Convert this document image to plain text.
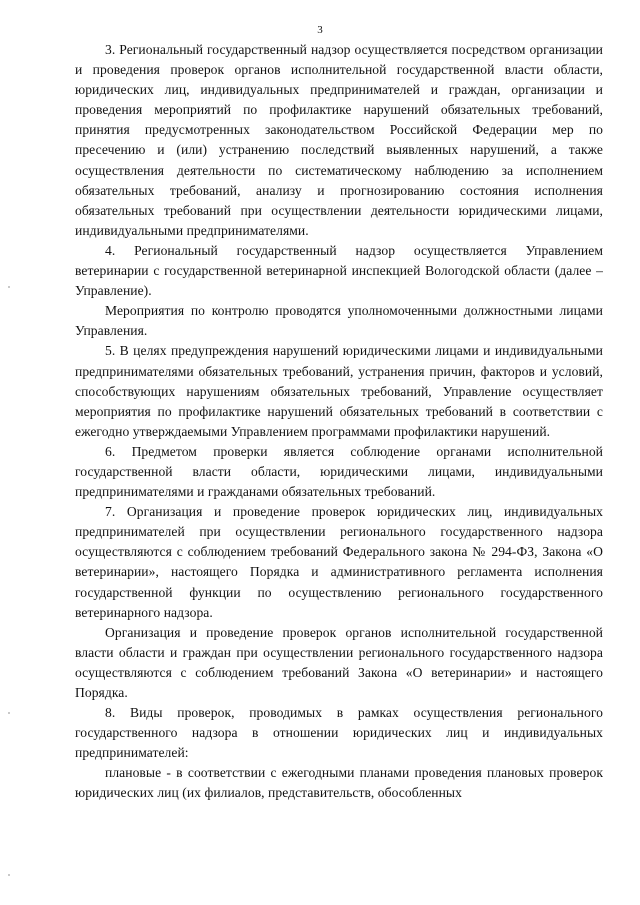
3

3. Региональный государственный надзор осуществляется посредством организации и проведения проверок органов исполнительной государственной власти области, юридических лиц, индивидуальных предпринимателей и граждан, организации и проведения мероприятий по профилактике нарушений обязательных требований, принятия предусмотренных законодательством Российской Федерации мер по пресечению и (или) устранению последствий выявленных нарушений, а также осуществления деятельности по систематическому наблюдению за исполнением обязательных требований, анализу и прогнозированию состояния исполнения обязательных требований при осуществлении деятельности юридическими лицами, индивидуальными предпринимателями.

4. Региональный государственный надзор осуществляется Управлением ветеринарии с государственной ветеринарной инспекцией Вологодской области (далее – Управление).

Мероприятия по контролю проводятся уполномоченными должностными лицами Управления.

5. В целях предупреждения нарушений юридическими лицами и индивидуальными предпринимателями обязательных требований, устранения причин, факторов и условий, способствующих нарушениям обязательных требований, Управление осуществляет мероприятия по профилактике нарушений обязательных требований в соответствии с ежегодно утверждаемыми Управлением программами профилактики нарушений.

6. Предметом проверки является соблюдение органами исполнительной государственной власти области, юридическими лицами, индивидуальными предпринимателями и гражданами обязательных требований.

7. Организация и проведение проверок юридических лиц, индивидуальных предпринимателей при осуществлении регионального государственного надзора осуществляются с соблюдением требований Федерального закона № 294-ФЗ, Закона «О ветеринарии», настоящего Порядка и административного регламента исполнения государственной функции по осуществлению регионального государственного ветеринарного надзора.

Организация и проведение проверок органов исполнительной государственной власти области и граждан при осуществлении регионального государственного надзора осуществляются с соблюдением требований Закона «О ветеринарии» и настоящего Порядка.

8. Виды проверок, проводимых в рамках осуществления регионального государственного надзора в отношении юридических лиц и индивидуальных предпринимателей:

плановые - в соответствии с ежегодными планами проведения плановых проверок юридических лиц (их филиалов, представительств, обособленных
